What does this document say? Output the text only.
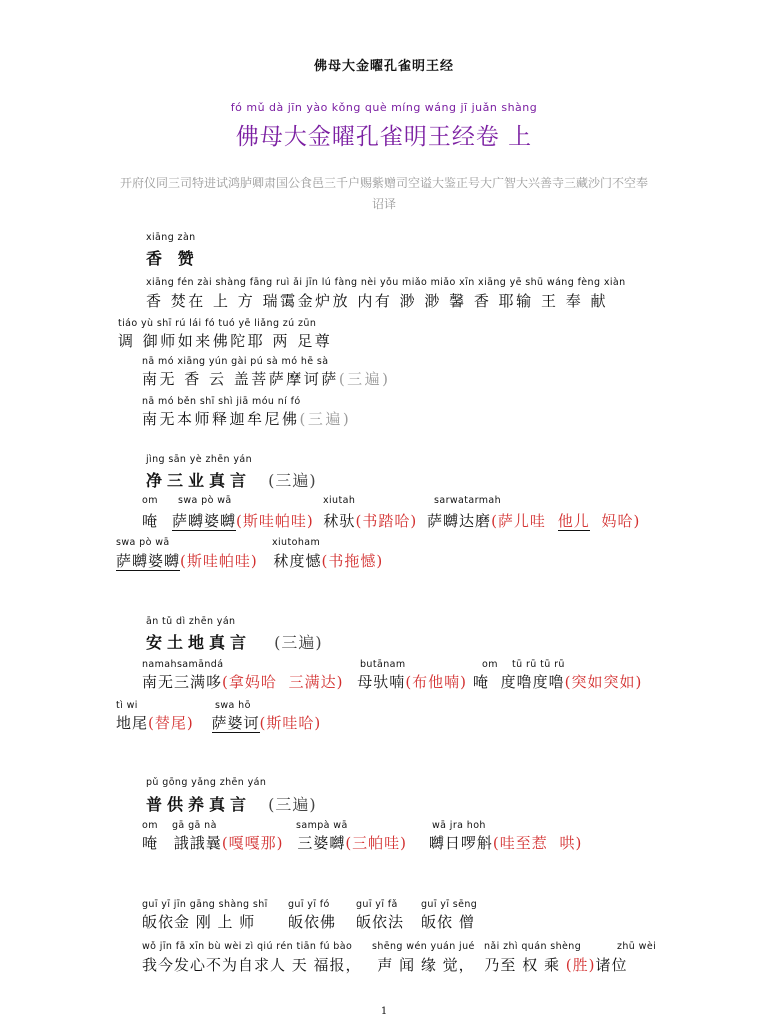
佛母大金曜孔雀明王经
fó mǔ dà jīn yào kǒng què míng wáng jī juǎn shàng
佛母大金曜孔雀明王经卷 上
开府仪同三司特进试鸿胪卿肃国公食邑三千户赐紫赠司空谥大鉴正号大广智大兴善寺三藏沙门不空奉　诏译
xiāng zàn
香 赞
xiāng fén zài shàng fāng ruì ǎi jīn lú fàng nèi yǒu miǎo miǎo xīn xiāng yē shū wáng fèng xiàn
香 焚在 上 方 瑞霭金炉放 内有 渺 渺 馨 香 耶输 王 奉 献
tiáo yù shī rú lái fó tuó yē liǎng zú zūn
调 御师如来佛陀耶 两 足尊
nā mó xiāng yún gài pú sà mó hē sà
南无 香 云 盖菩萨摩诃萨(三遍)
nā mó běn shī shì jiā móu ní fó
南无本师释迦牟尼佛(三遍)
jìng sān yè zhēn yán
净三业真言 (三遍)
om swa pò wā	xiutah	sarwatarmah
唵 萨嚩婆嚩(斯哇帕哇) 秫驮(书踏哈) 萨嚩达磨(萨儿哇 他儿 妈哈)
swa pò wā	xiutoham
萨嚩婆嚩(斯哇帕哇) 秫度憾(书拖憾)
ān tǔ dì zhēn yán
安土地真言 (三遍)
namahsamāndá	butānam	om tū rū tū rū
南无三满哆(拿妈哈 三满达) 母驮喃(布他喃) 唵 度噜度噜(突如突如)
tì wi	swa hō
地尾(替尾) 萨婆诃(斯哇哈)
pǔ gōng yǎng zhēn yán
普供养真言 (三遍)
om gā gā nà	sampà wā	wā jra hoh
唵 誐誐曩(嘎嘎那) 三婆嚩(三帕哇) 嚩日啰斛(哇至惹 哄)
guī yī jīn gāng shàng shī guī yī fó	guī yī fǎ guī yī sēng
皈依金 刚 上 师 皈依佛 皈依法 皈依 僧
wǒ jīn fā xīn bù wèi zì qiú rén tiān fú bào shēng wén yuán jué nǎi zhì quán shèng	zhū wèi
我今发心不为自求人 天 福报， 声 闻 缘 觉， 乃至 权 乘 (胜)诸位
1
